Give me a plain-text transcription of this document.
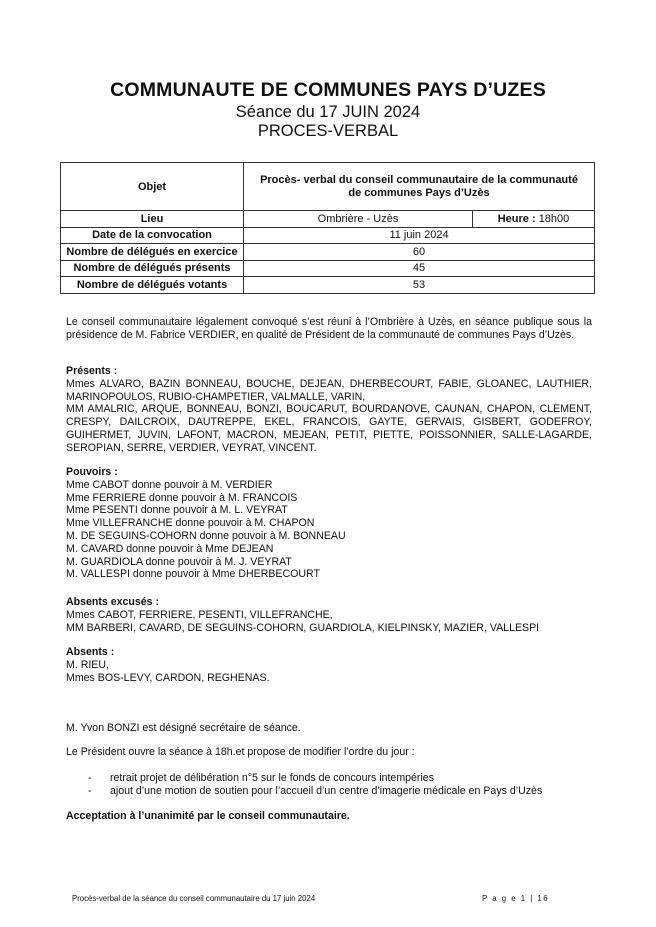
COMMUNAUTE DE COMMUNES PAYS D’UZES
Séance du 17 JUIN 2024
PROCES-VERBAL
Objet	Procès- verbal du conseil communautaire de la communauté
de communes Pays d’Uzès	

Lieu	Ombrière - Uzès	Heure : 18h00
Date de la convocation	11 juin 2024	
Nombre de délégués en exercice	60	
Nombre de délégués présents	45	
Nombre de délégués votants	53	

Le conseil communautaire légalement convoqué s’est réuni à l’Ombrière à Uzès, en séance publique sous la présidence de M. Fabrice VERDIER, en qualité de Président de la communauté de communes Pays d’Uzès.

Présents :
Mmes ALVARO, BAZIN BONNEAU, BOUCHE, DEJEAN, DHERBECOURT, FABIE, GLOANEC, LAUTHIER, MARINOPOULOS, RUBIO-CHAMPETIER, VALMALLE, VARIN,
MM AMALRIC, ARQUE, BONNEAU, BONZI, BOUCARUT, BOURDANOVE, CAUNAN, CHAPON, CLEMENT, CRESPY, DAILCROIX, DAUTREPPE, EKEL, FRANCOIS, GAYTE, GERVAIS, GISBERT, GODEFROY, GUIHERMET, JUVIN, LAFONT, MACRON, MEJEAN, PETIT, PIETTE, POISSONNIER, SALLE-LAGARDE, SEROPIAN, SERRE, VERDIER, VEYRAT, VINCENT.
Pouvoirs :
Mme CABOT donne pouvoir à M. VERDIER
Mme FERRIERE donne pouvoir à M. FRANCOIS
Mme PESENTI donne pouvoir à M. L. VEYRAT
Mme VILLEFRANCHE donne pouvoir à M. CHAPON
M. DE SEGUINS-COHORN donne pouvoir à M. BONNEAU
M. CAVARD donne pouvoir à Mme DEJEAN
M. GUARDIOLA donne pouvoir à M. J. VEYRAT
M. VALLESPI donne pouvoir à Mme DHERBECOURT
Absents excusés :
Mmes CABOT, FERRIERE, PESENTI, VILLEFRANCHE,
MM BARBERI, CAVARD, DE SEGUINS-COHORN, GUARDIOLA, KIELPINSKY, MAZIER, VALLESPI
Absents :
M. RIEU,
Mmes BOS-LEVY, CARDON, REGHENAS.

M. Yvon BONZI est désigné secrétaire de séance.

Le Président ouvre la séance à 18h.et propose de modifier l’ordre du jour :

- retrait projet de délibération n°5 sur le fonds de concours intempéries
- ajout d’une motion de soutien pour l’accueil d’un centre d’imagerie médicale en Pays d’Uzès

Acceptation à l’unanimité par le conseil communautaire.

Procès-verbal de la séance du conseil communautaire du 17 juin 2024	P a g e 1 | 16
